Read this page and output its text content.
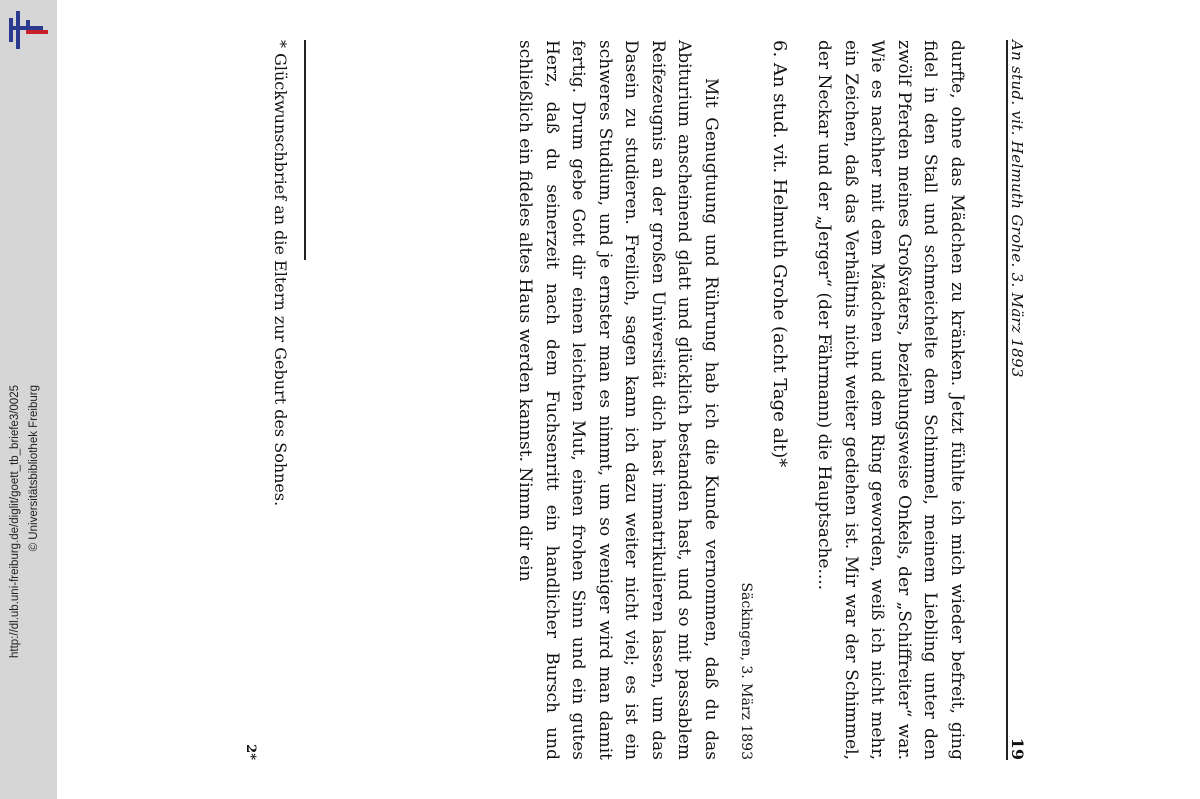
http://dl.ub.uni-freiburg.de/diglit/goett_tb_briefe3/0025 © Universitätsbibliothek Freiburg
An stud. vit. Helmuth Grohe. 3. März 1893
19

durfte, ohne das Mädchen zu kränken. Jetzt fühlte ich mich wieder befreit, ging fidel in den Stall und schmeichelte dem Schimmel, meinem Liebling unter den zwölf Pferden meines Großvaters, beziehungsweise Onkels, der „Schiffreiter“ war. Wie es nachher mit dem Mädchen und dem Ring geworden, weiß ich nicht mehr, ein Zeichen, daß das Verhältnis nicht weiter gediehen ist. Mir war der Schimmel, der Neckar und der „Jerger“ (der Fährmann) die Hauptsache....

6. An stud. vit. Helmuth Grohe (acht Tage alt)*
Säckingen, 3. März 1893

Mit Genugtuung und Rührung hab ich die Kunde vernommen, daß du das Abiturium anscheinend glatt und glücklich bestanden hast, und so mit passablem Reifezeugnis an der großen Universität dich hast immatrikulieren lassen, um das Dasein zu studieren. Freilich, sagen kann ich dazu weiter nicht viel; es ist ein schweres Studium, und je ernster man es nimmt, um so weniger wird man damit fertig. Drum gebe Gott dir einen leichten Mut, einen frohen Sinn und ein gutes Herz, daß du seinerzeit nach dem Fuchsenritt ein handlicher Bursch und schließlich ein fideles altes Haus werden kannst. Nimm dir ein

* Glückwunschbrief an die Eltern zur Geburt des Sohnes.
2*
